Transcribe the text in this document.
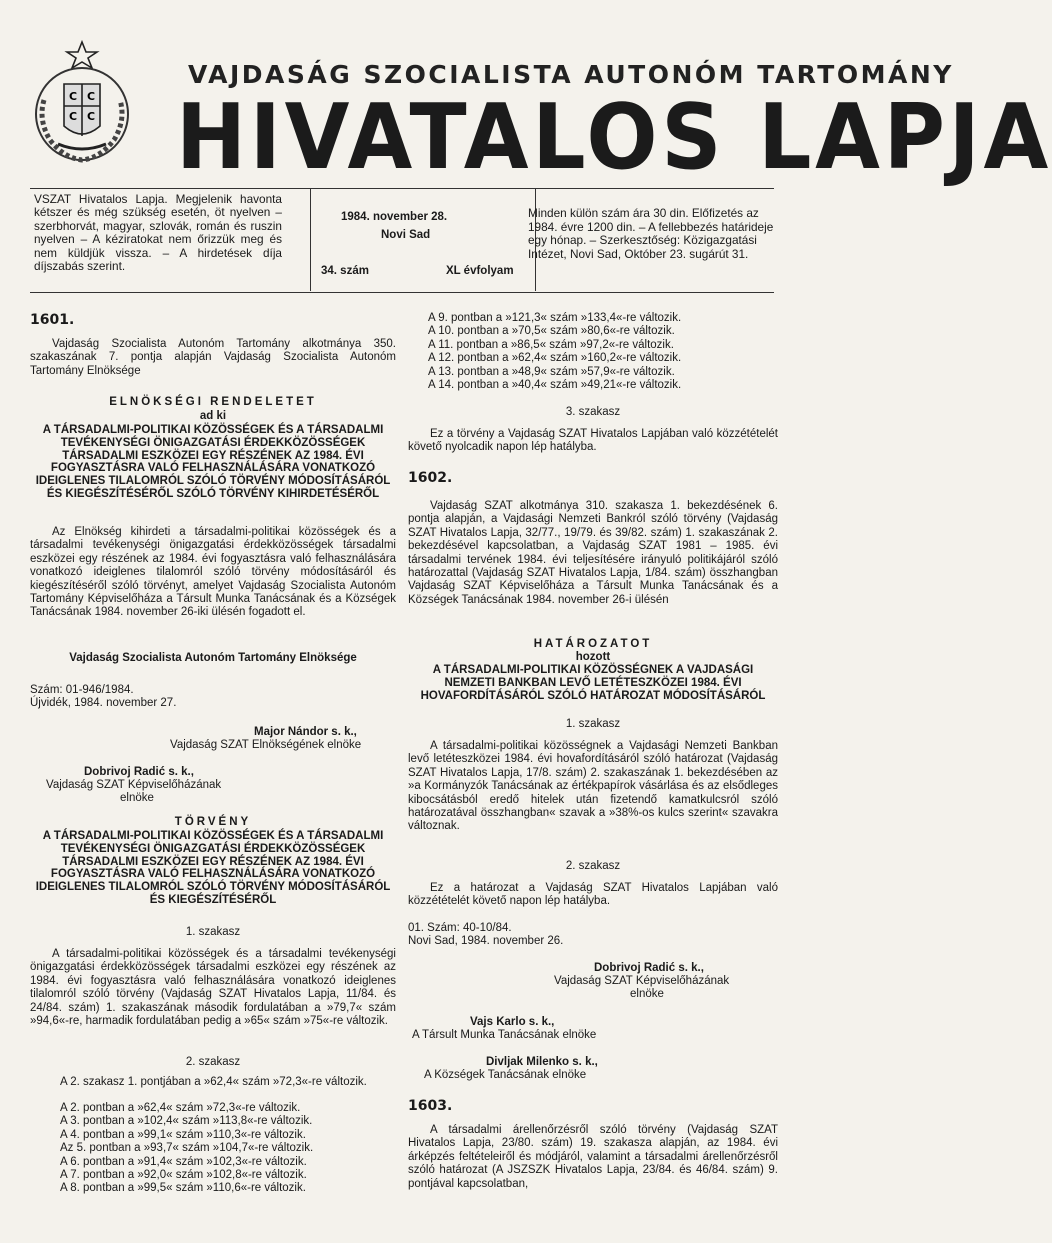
С С
С С
VAJDASÁG SZOCIALISTA AUTONÓM TARTOMÁNY
HIVATALOS LAPJA
VSZAT Hivatalos Lapja. Megjelenik havonta kétszer és még szükség esetén, öt nyelven – szerbhorvát, magyar, szlovák, román és ruszin nyelven – A kéziratokat nem őrizzük meg és nem küldjük vissza. – A hirdetések díja díjszabás szerint.
1984. november 28.
Novi Sad
34. szám	XL évfolyam
Minden külön szám ára 30 din. Előfizetés az 1984. évre 1200 din. – A fellebbezés határideje egy hónap. – Szerkesztőség: Közigazgatási Intézet, Novi Sad, Október 23. sugárút 31.
1601.
Vajdaság Szocialista Autonóm Tartomány alkotmánya 350. szakaszának 7. pontja alapján Vajdaság Szocialista Autonóm Tartomány Elnöksége
ELNÖKSÉGI RENDELETET
ad ki
A TÁRSADALMI-POLITIKAI KÖZÖSSÉGEK ÉS A TÁRSADALMI TEVÉKENYSÉGI ÖNIGAZGATÁSI ÉRDEKKÖZÖSSÉGEK TÁRSADALMI ESZKÖZEI EGY RÉSZÉNEK AZ 1984. ÉVI FOGYASZTÁSRA VALÓ FELHASZNÁLÁSÁRA VONATKOZÓ IDEIGLENES TILALOMRÓL SZÓLÓ TÖRVÉNY MÓDOSÍTÁSÁRÓL ÉS KIEGÉSZÍTÉSÉRŐL SZÓLÓ TÖRVÉNY KIHIRDETÉSÉRŐL
Az Elnökség kihirdeti a társadalmi-politikai közösségek és a társadalmi tevékenységi önigazgatási érdekközösségek társadalmi eszközei egy részének az 1984. évi fogyasztásra való felhasználására vonatkozó ideiglenes tilalomról szóló törvény módosításáról és kiegészítéséről szóló törvényt, amelyet Vajdaság Szocialista Autonóm Tartomány Képviselőháza a Társult Munka Tanácsának és a Községek Tanácsának 1984. november 26-iki ülésén fogadott el.
Vajdaság Szocialista Autonóm Tartomány Elnöksége
Szám: 01-946/1984.
Újvidék, 1984. november 27.
Major Nándor s. k.,
Vajdaság SZAT Elnökségének elnöke
Dobrivoj Radić s. k.,
Vajdaság SZAT Képviselőházának
elnöke
TÖRVÉNY
A TÁRSADALMI-POLITIKAI KÖZÖSSÉGEK ÉS A TÁRSADALMI TEVÉKENYSÉGI ÖNIGAZGATÁSI ÉRDEKKÖZÖSSÉGEK TÁRSADALMI ESZKÖZEI EGY RÉSZÉNEK AZ 1984. ÉVI FOGYASZTÁSRA VALÓ FELHASZNÁLÁSÁRA VONATKOZÓ IDEIGLENES TILALOMRÓL SZÓLÓ TÖRVÉNY MÓDOSÍTÁSÁRÓL ÉS KIEGÉSZÍTÉSÉRŐL
1. szakasz
A társadalmi-politikai közösségek és a társadalmi tevékenységi önigazgatási érdekközösségek társadalmi eszközei egy részének az 1984. évi fogyasztásra való felhasználására vonatkozó ideiglenes tilalomról szóló törvény (Vajdaság SZAT Hivatalos Lapja, 11/84. és 24/84. szám) 1. szakaszának második fordulatában a »79,7« szám »94,6«-re, harmadik fordulatában pedig a »65« szám »75«-re változik.
2. szakasz
A 2. szakasz 1. pontjában a »62,4« szám »72,3«-re változik.
A 2. pontban a »62,4« szám »72,3«-re változik.
A 3. pontban a »102,4« szám »113,8«-re változik.
A 4. pontban a »99,1« szám »110,3«-re változik.
Az 5. pontban a »93,7« szám »104,7«-re változik.
A 6. pontban a »91,4« szám »102,3«-re változik.
A 7. pontban a »92,0« szám »102,8«-re változik.
A 8. pontban a »99,5« szám »110,6«-re változik.
A 9. pontban a »121,3« szám »133,4«-re változik.
A 10. pontban a »70,5« szám »80,6«-re változik.
A 11. pontban a »86,5« szám »97,2«-re változik.
A 12. pontban a »62,4« szám »160,2«-re változik.
A 13. pontban a »48,9« szám »57,9«-re változik.
A 14. pontban a »40,4« szám »49,21«-re változik.
3. szakasz
Ez a törvény a Vajdaság SZAT Hivatalos Lapjában való közzétételét követő nyolcadik napon lép hatályba.
1602.
Vajdaság SZAT alkotmánya 310. szakasza 1. bekezdésének 6. pontja alapján, a Vajdasági Nemzeti Bankról szóló törvény (Vajdaság SZAT Hivatalos Lapja, 32/77., 19/79. és 39/82. szám) 1. szakaszának 2. bekezdésével kapcsolatban, a Vajdaság SZAT 1981 – 1985. évi társadalmi tervének 1984. évi teljesítésére irányuló politikájáról szóló határozattal (Vajdaság SZAT Hivatalos Lapja, 1/84. szám) összhangban Vajdaság SZAT Képviselőháza a Társult Munka Tanácsának és a Községek Tanácsának 1984. november 26-i ülésén
HATÁROZATOT
hozott
A TÁRSADALMI-POLITIKAI KÖZÖSSÉGNEK A VAJDASÁGI NEMZETI BANKBAN LEVŐ LETÉTESZKÖZEI 1984. ÉVI HOVAFORDÍTÁSÁRÓL SZÓLÓ HATÁROZAT MÓDOSÍTÁSÁRÓL
1. szakasz
A társadalmi-politikai közösségnek a Vajdasági Nemzeti Bankban levő letéteszközei 1984. évi hovafordításáról szóló határozat (Vajdaság SZAT Hivatalos Lapja, 17/8. szám) 2. szakaszának 1. bekezdésében az »a Kormányzók Tanácsának az értékpapírok vásárlása és az elsődleges kibocsátásból eredő hitelek után fizetendő kamatkulcsról szóló határozatával összhangban« szavak a »38%-os kulcs szerint« szavakra változnak.
2. szakasz
Ez a határozat a Vajdaság SZAT Hivatalos Lapjában való közzétételét követő napon lép hatályba.
01. Szám: 40-10/84.
Novi Sad, 1984. november 26.
Dobrivoj Radić s. k.,
Vajdaság SZAT Képviselőházának
elnöke
Vajs Karlo s. k.,
A Társult Munka Tanácsának elnöke
Divljak Milenko s. k.,
A Községek Tanácsának elnöke
1603.
A társadalmi árellenőrzésről szóló törvény (Vajdaság SZAT Hivatalos Lapja, 23/80. szám) 19. szakasza alapján, az 1984. évi árképzés feltételeiről és módjáról, valamint a társadalmi árellenőrzésről szóló határozat (A JSZSZK Hivatalos Lapja, 23/84. és 46/84. szám) 9. pontjával kapcsolatban,
